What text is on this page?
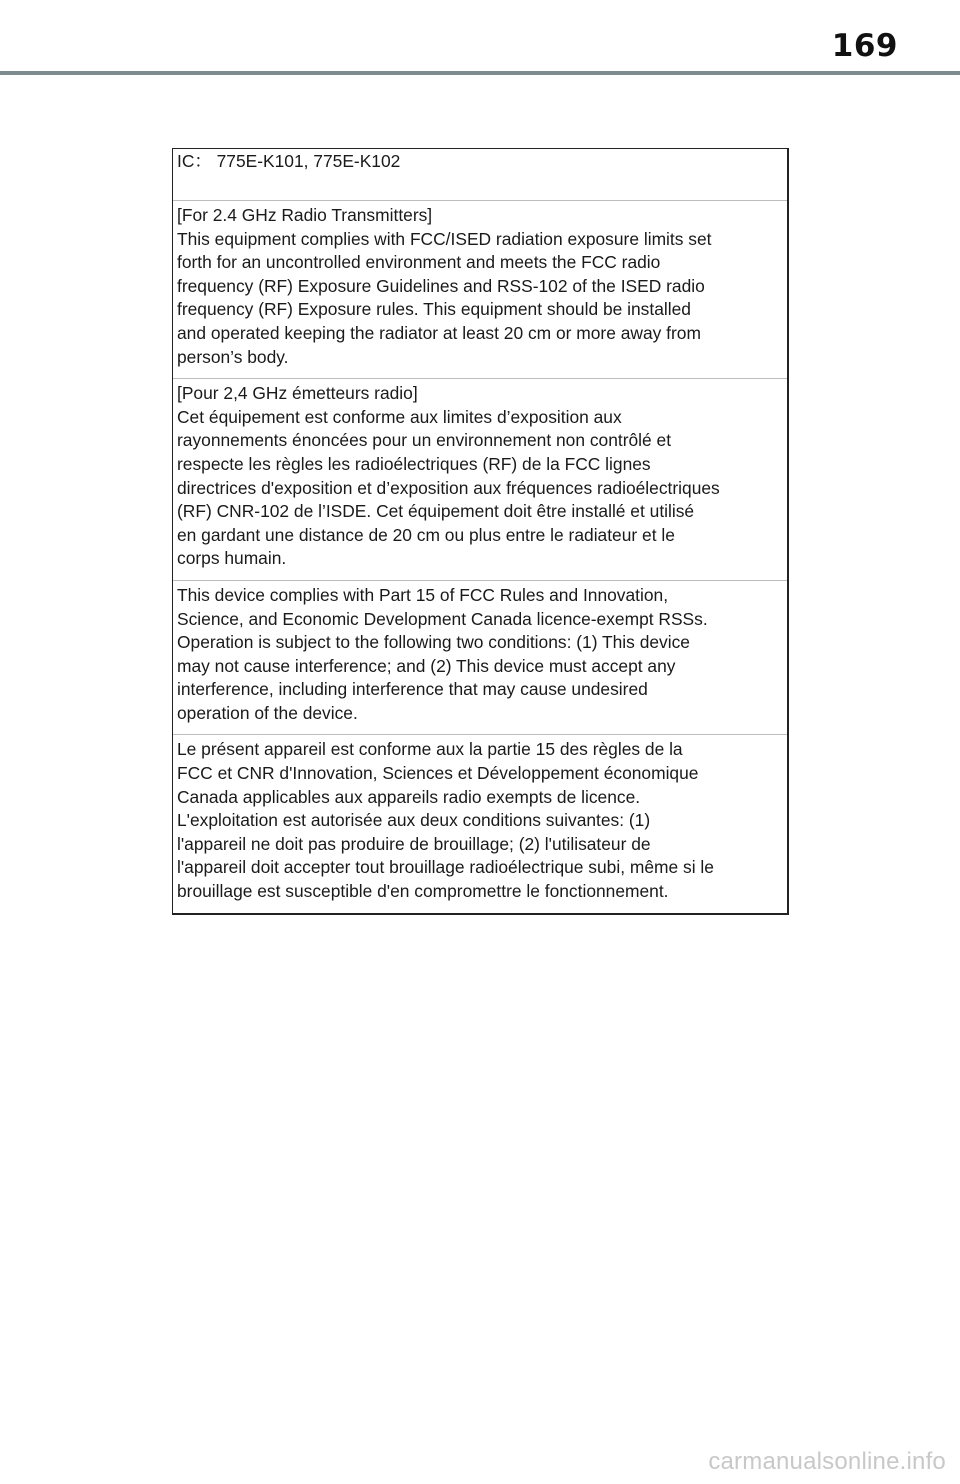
169

IC： 775E-K101, 775E-K102

[For 2.4 GHz Radio Transmitters]

This equipment complies with FCC/ISED radiation exposure limits set

forth for an uncontrolled environment and meets the FCC radio

frequency (RF) Exposure Guidelines and RSS-102 of the ISED radio

frequency (RF) Exposure rules. This equipment should be installed

and operated keeping the radiator at least 20 cm or more away from

person’s body.

[Pour 2,4 GHz émetteurs radio]

Cet équipement est conforme aux limites d’exposition aux

rayonnements énoncées pour un environnement non contrôlé et

respecte les règles les radioélectriques (RF) de la FCC lignes

directrices d'exposition et d’exposition aux fréquences radioélectriques

(RF) CNR-102 de l’ISDE. Cet équipement doit être installé et utilisé

en gardant une distance de 20 cm ou plus entre le radiateur et le

corps humain.

This device complies with Part 15 of FCC Rules and Innovation,

Science, and Economic Development Canada licence-exempt RSSs.

Operation is subject to the following two conditions: (1) This device

may not cause interference; and (2) This device must accept any

interference, including interference that may cause undesired

operation of the device.

Le présent appareil est conforme aux la partie 15 des règles de la

FCC et CNR d'Innovation, Sciences et Développement économique

Canada applicables aux appareils radio exempts de licence.

L'exploitation est autorisée aux deux conditions suivantes: (1)

l'appareil ne doit pas produire de brouillage; (2) l'utilisateur de

l'appareil doit accepter tout brouillage radioélectrique subi, même si le

brouillage est susceptible d'en compromettre le fonctionnement.

carmanualsonline.info
